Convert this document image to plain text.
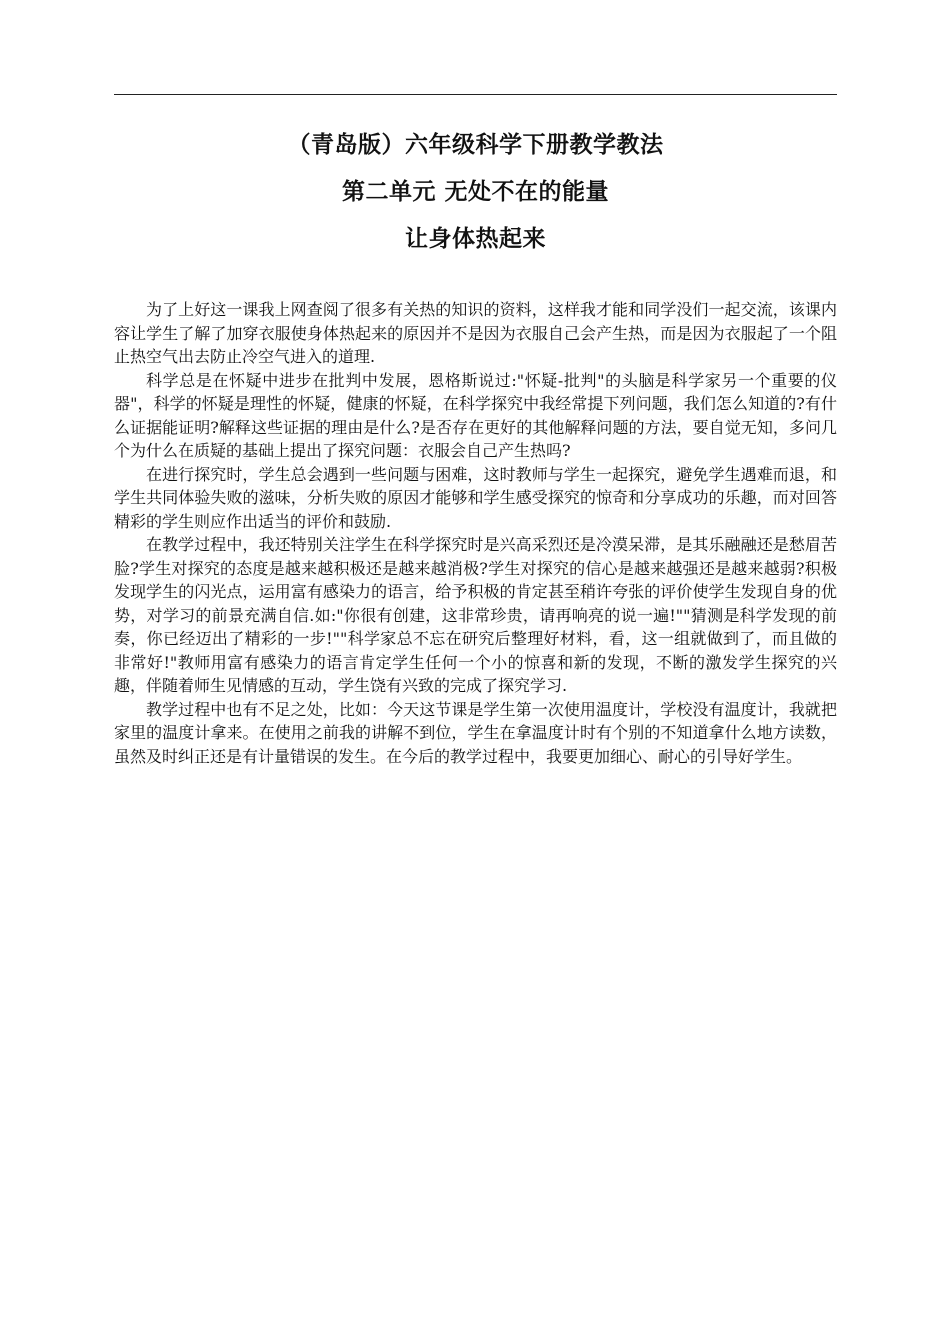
（青岛版）六年级科学下册教学教法
第二单元 无处不在的能量
让身体热起来

为了上好这一课我上网查阅了很多有关热的知识的资料，这样我才能和同学没们一起交流，该课内容让学生了解了加穿衣服使身体热起来的原因并不是因为衣服自己会产生热，而是因为衣服起了一个阻止热空气出去防止冷空气进入的道理.

科学总是在怀疑中进步在批判中发展，恩格斯说过:"怀疑-批判"的头脑是科学家另一个重要的仪器"，科学的怀疑是理性的怀疑，健康的怀疑，在科学探究中我经常提下列问题，我们怎么知道的?有什么证据能证明?解释这些证据的理由是什么?是否存在更好的其他解释问题的方法，要自觉无知，多问几个为什么在质疑的基础上提出了探究问题：衣服会自己产生热吗?

在进行探究时，学生总会遇到一些问题与困难，这时教师与学生一起探究，避免学生遇难而退，和学生共同体验失败的滋味，分析失败的原因才能够和学生感受探究的惊奇和分享成功的乐趣，而对回答精彩的学生则应作出适当的评价和鼓励.

在教学过程中，我还特别关注学生在科学探究时是兴高采烈还是冷漠呆滞，是其乐融融还是愁眉苦脸?学生对探究的态度是越来越积极还是越来越消极?学生对探究的信心是越来越强还是越来越弱?积极发现学生的闪光点，运用富有感染力的语言，给予积极的肯定甚至稍许夸张的评价使学生发现自身的优势，对学习的前景充满自信.如:"你很有创建，这非常珍贵，请再响亮的说一遍!""猜测是科学发现的前奏，你已经迈出了精彩的一步!""科学家总不忘在研究后整理好材料，看，这一组就做到了，而且做的非常好!"教师用富有感染力的语言肯定学生任何一个小的惊喜和新的发现，不断的激发学生探究的兴趣，伴随着师生见情感的互动，学生饶有兴致的完成了探究学习.

教学过程中也有不足之处，比如：今天这节课是学生第一次使用温度计，学校没有温度计，我就把家里的温度计拿来。在使用之前我的讲解不到位，学生在拿温度计时有个别的不知道拿什么地方读数，虽然及时纠正还是有计量错误的发生。在今后的教学过程中，我要更加细心、耐心的引导好学生。
